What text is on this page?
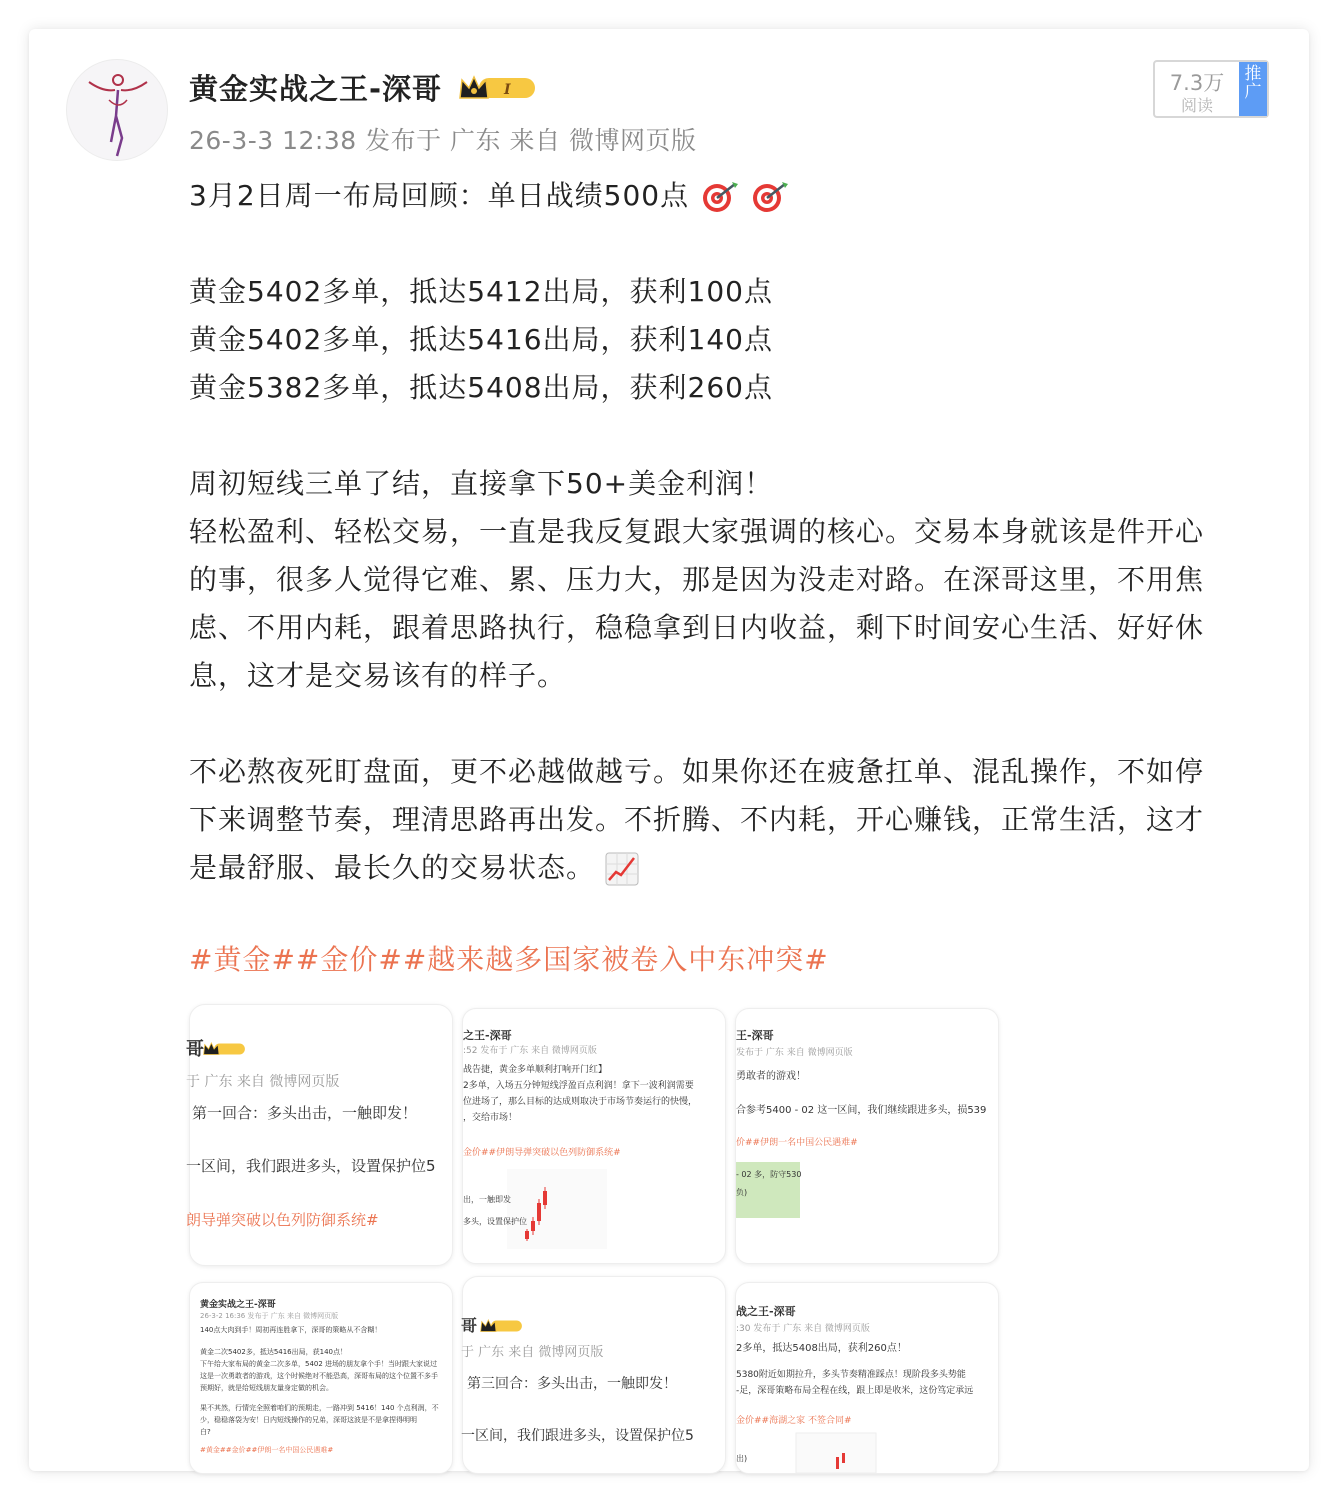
黄金实战之王-深哥	I
26-3-3 12:38 发布于 广东 来自 微博网页版
7.3万
阅读
推广
3月2日周一布局回顾：单日战绩500点
黄金5402多单，抵达5412出局，获利100点
黄金5402多单，抵达5416出局，获利140点
黄金5382多单，抵达5408出局，获利260点
周初短线三单了结，直接拿下50+美金利润！
轻松盈利、轻松交易，一直是我反复跟大家强调的核心。交易本身就该是件开心
的事，很多人觉得它难、累、压力大，那是因为没走对路。在深哥这里，不用焦
虑、不用内耗，跟着思路执行，稳稳拿到日内收益，剩下时间安心生活、好好休
息，这才是交易该有的样子。
不必熬夜死盯盘面，更不必越做越亏。如果你还在疲惫扛单、混乱操作，不如停
下来调整节奏，理清思路再出发。不折腾、不内耗，开心赚钱，正常生活，这才
是最舒服、最长久的交易状态。
#黄金##金价##越来越多国家被卷入中东冲突#
哥
于 广东 来自 微博网页版
第一回合：多头出击，一触即发！
一区间，我们跟进多头，设置保护位5
朗导弹突破以色列防御系统#
之王-深哥
:52 发布于 广东 来自 微博网页版
战告捷，黄金多单顺利打响开门红】
2多单，入场五分钟短线浮盈百点利润！拿下一波利润需要
位进场了，那么目标的达成则取决于市场节奏运行的快慢，
，交给市场！
金价##伊朗导弹突破以色列防御系统#
出，一触即发
多头，设置保护位
王-深哥
发布于 广东 来自 微博网页版
勇敢者的游戏！
合参考5400 - 02 这一区间，我们继续跟进多头，损539
价##伊朗一名中国公民遇难#
- 02 多，防守530
负)
黄金实战之王-深哥
26-3-2 16:36 发布于 广东 来自 微博网页版
140点大肉到手！周初再连胜拿下，深哥的策略从不含糊！
黄金二次5402多，抵达5416出局，获140点！
下午给大家布局的黄金二次多单，5402 进场的朋友拿个手！当时跟大家说过
这是一次勇敢者的游戏，这个时候绝对不能恐高，深哥布局的这个位置不多手
预期好，就是给短线朋友量身定做的机会。
果不其然，行情完全照着咱们的预期走，一路冲到 5416！140 个点利润，不
少，稳稳落袋为安！日内短线操作的兄弟，深哥这波是不是拿捏得明明
白?
#黄金##金价##伊朗一名中国公民遇难#
哥
于 广东 来自 微博网页版
第三回合：多头出击，一触即发！
一区间，我们跟进多头，设置保护位5
战之王-深哥
:30 发布于 广东 来自 微博网页版
2多单，抵达5408出局，获利260点！
5380附近如期拉升，多头节奏精准踩点！现阶段多头势能
-足，深哥策略布局全程在线，跟上即是收米，这份笃定承远
金价##海湖之家 不签合同#
出)
